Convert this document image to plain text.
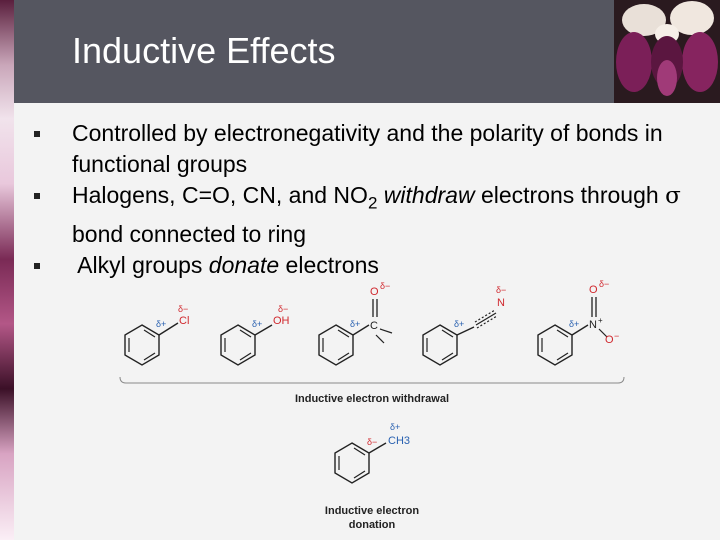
Inductive Effects
Controlled by electronegativity and the polarity of bonds in functional groups
Halogens, C=O, CN, and $NO_2$ withdraw electrons through σ bond connected to ring
Alkyl groups donate electrons
δ+
δ−
Cl	δ+
δ−
OH	δ+ C
O δ−
δ+
N
δ−
δ+ N +
O δ−
O −
Inductive electron withdrawal
δ−
δ+
CH3
Inductive electron
donation
